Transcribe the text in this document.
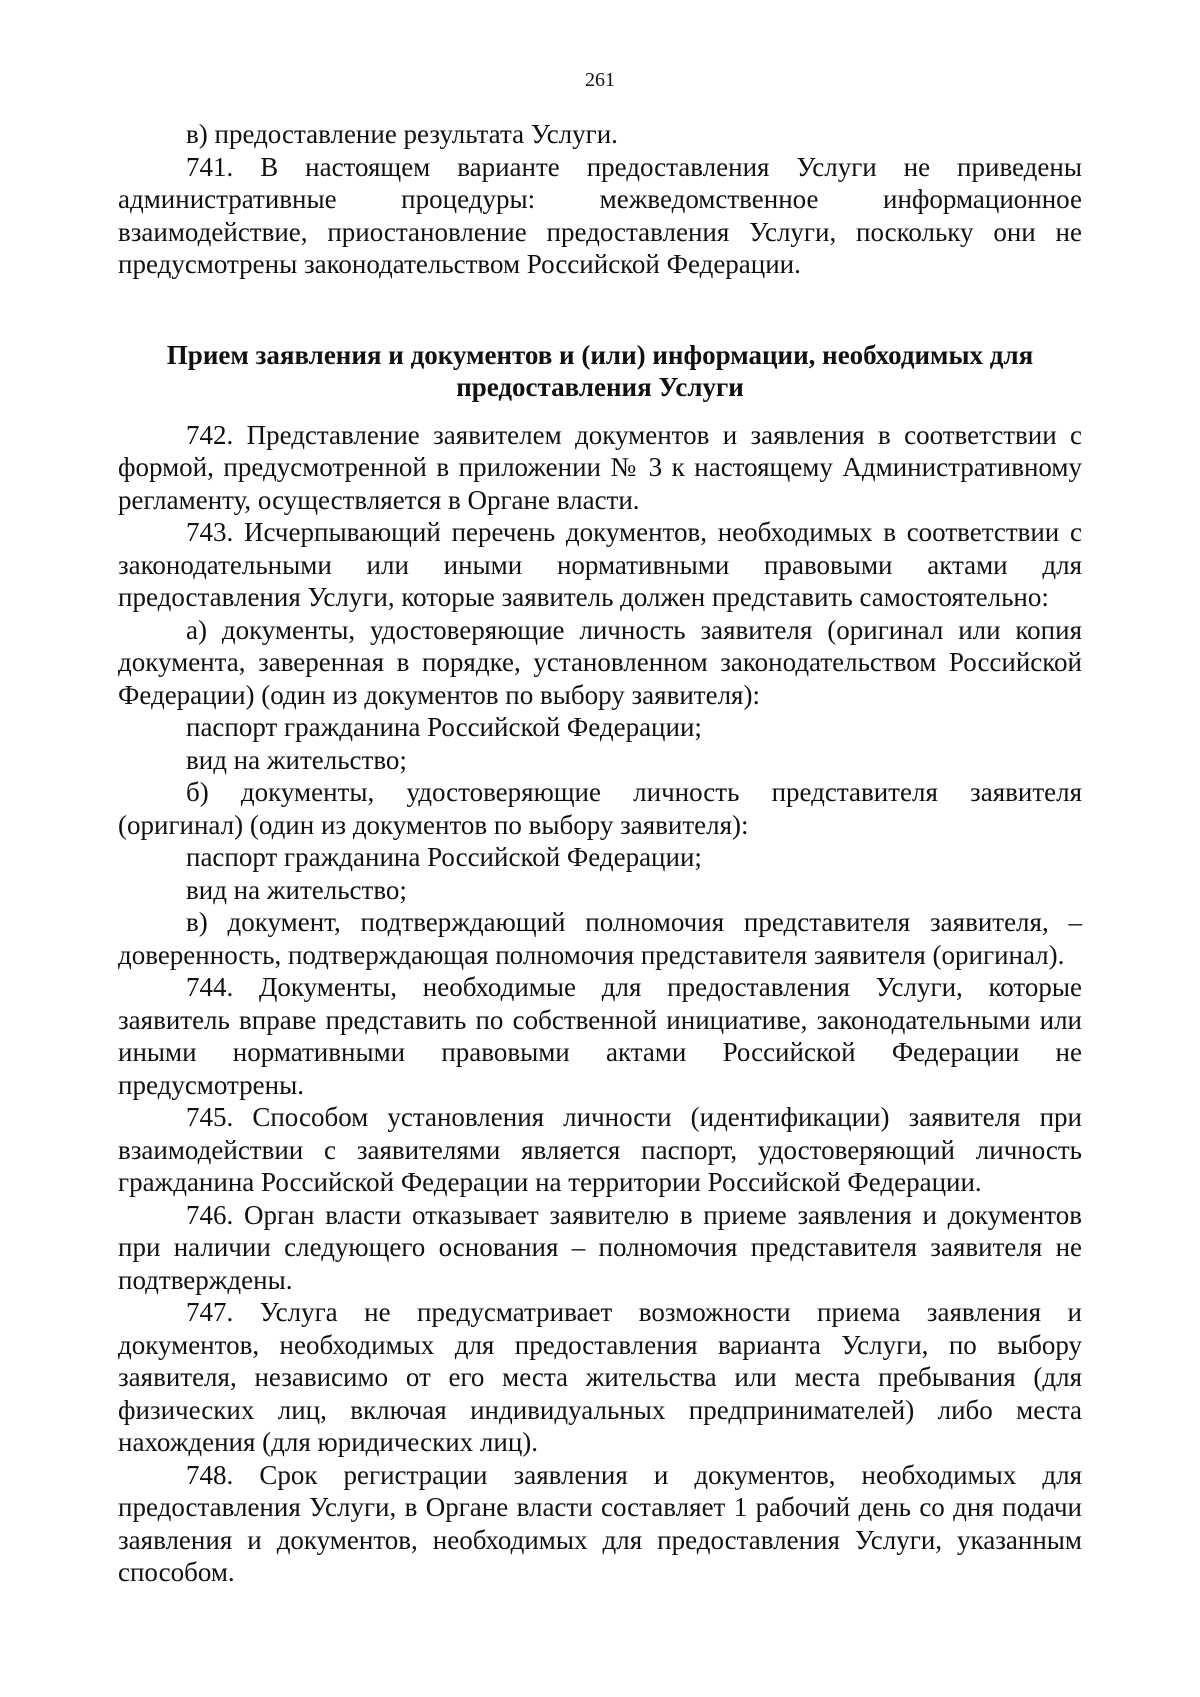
261

в) предоставление результата Услуги.

741. В настоящем варианте предоставления Услуги не приведены административные процедуры: межведомственное информационное взаимодействие, приостановление предоставления Услуги, поскольку они не предусмотрены законодательством Российской Федерации.

Прием заявления и документов и (или) информации, необходимых для предоставления Услуги

742. Представление заявителем документов и заявления в соответствии с формой, предусмотренной в приложении № 3 к настоящему Административному регламенту, осуществляется в Органе власти.

743. Исчерпывающий перечень документов, необходимых в соответствии с законодательными или иными нормативными правовыми актами для предоставления Услуги, которые заявитель должен представить самостоятельно:

а) документы, удостоверяющие личность заявителя (оригинал или копия документа, заверенная в порядке, установленном законодательством Российской Федерации) (один из документов по выбору заявителя):

паспорт гражданина Российской Федерации;

вид на жительство;

б) документы, удостоверяющие личность представителя заявителя (оригинал) (один из документов по выбору заявителя):

паспорт гражданина Российской Федерации;

вид на жительство;

в) документ, подтверждающий полномочия представителя заявителя, – доверенность, подтверждающая полномочия представителя заявителя (оригинал).

744. Документы, необходимые для предоставления Услуги, которые заявитель вправе представить по собственной инициативе, законодательными или иными нормативными правовыми актами Российской Федерации не предусмотрены.

745. Способом установления личности (идентификации) заявителя при взаимодействии с заявителями является паспорт, удостоверяющий личность гражданина Российской Федерации на территории Российской Федерации.

746. Орган власти отказывает заявителю в приеме заявления и документов при наличии следующего основания – полномочия представителя заявителя не подтверждены.

747. Услуга не предусматривает возможности приема заявления и документов, необходимых для предоставления варианта Услуги, по выбору заявителя, независимо от его места жительства или места пребывания (для физических лиц, включая индивидуальных предпринимателей) либо места нахождения (для юридических лиц).

748. Срок регистрации заявления и документов, необходимых для предоставления Услуги, в Органе власти составляет 1 рабочий день со дня подачи заявления и документов, необходимых для предоставления Услуги, указанным способом.
